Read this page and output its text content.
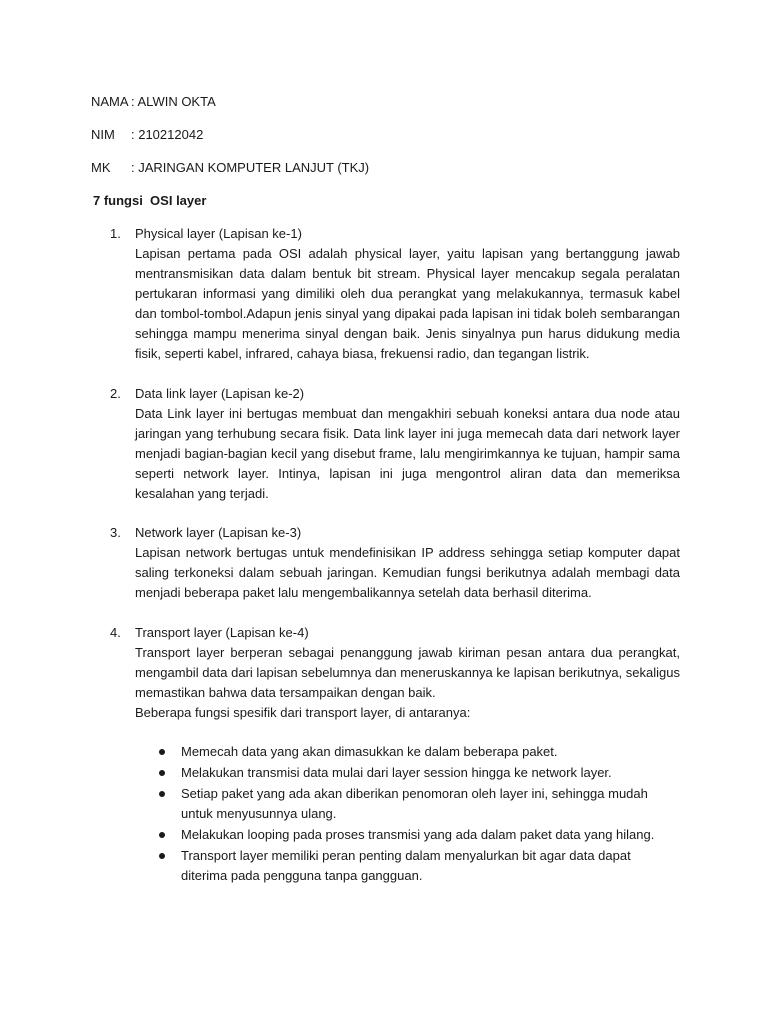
NAMA : ALWIN OKTA
NIM : 210212042
MK : JARINGAN KOMPUTER LANJUT (TKJ)
7 fungsi  OSI layer
1. Physical layer (Lapisan ke-1)

Lapisan pertama pada OSI adalah physical layer, yaitu lapisan yang bertanggung jawab mentransmisikan data dalam bentuk bit stream. Physical layer mencakup segala peralatan pertukaran informasi yang dimiliki oleh dua perangkat yang melakukannya, termasuk kabel dan tombol-tombol.Adapun jenis sinyal yang dipakai pada lapisan ini tidak boleh sembarangan sehingga mampu menerima sinyal dengan baik. Jenis sinyalnya pun harus didukung media fisik, seperti kabel, infrared, cahaya biasa, frekuensi radio, dan tegangan listrik.

2. Data link layer (Lapisan ke-2)

Data Link layer ini bertugas membuat dan mengakhiri sebuah koneksi antara dua node atau jaringan yang terhubung secara fisik. Data link layer ini juga memecah data dari network layer menjadi bagian-bagian kecil yang disebut frame, lalu mengirimkannya ke tujuan, hampir sama seperti network layer. Intinya, lapisan ini juga mengontrol aliran data dan memeriksa kesalahan yang terjadi.

3. Network layer (Lapisan ke-3)

Lapisan network bertugas untuk mendefinisikan IP address sehingga setiap komputer dapat saling terkoneksi dalam sebuah jaringan. Kemudian fungsi berikutnya adalah membagi data menjadi beberapa paket lalu mengembalikannya setelah data berhasil diterima.

4. Transport layer (Lapisan ke-4)

Transport layer berperan sebagai penanggung jawab kiriman pesan antara dua perangkat, mengambil data dari lapisan sebelumnya dan meneruskannya ke lapisan berikutnya, sekaligus memastikan bahwa data tersampaikan dengan baik.

Beberapa fungsi spesifik dari transport layer, di antaranya:

Memecah data yang akan dimasukkan ke dalam beberapa paket.
Melakukan transmisi data mulai dari layer session hingga ke network layer.
Setiap paket yang ada akan diberikan penomoran oleh layer ini, sehingga mudah untuk menyusunnya ulang.
Melakukan looping pada proses transmisi yang ada dalam paket data yang hilang.
Transport layer memiliki peran penting dalam menyalurkan bit agar data dapat diterima pada pengguna tanpa gangguan.
